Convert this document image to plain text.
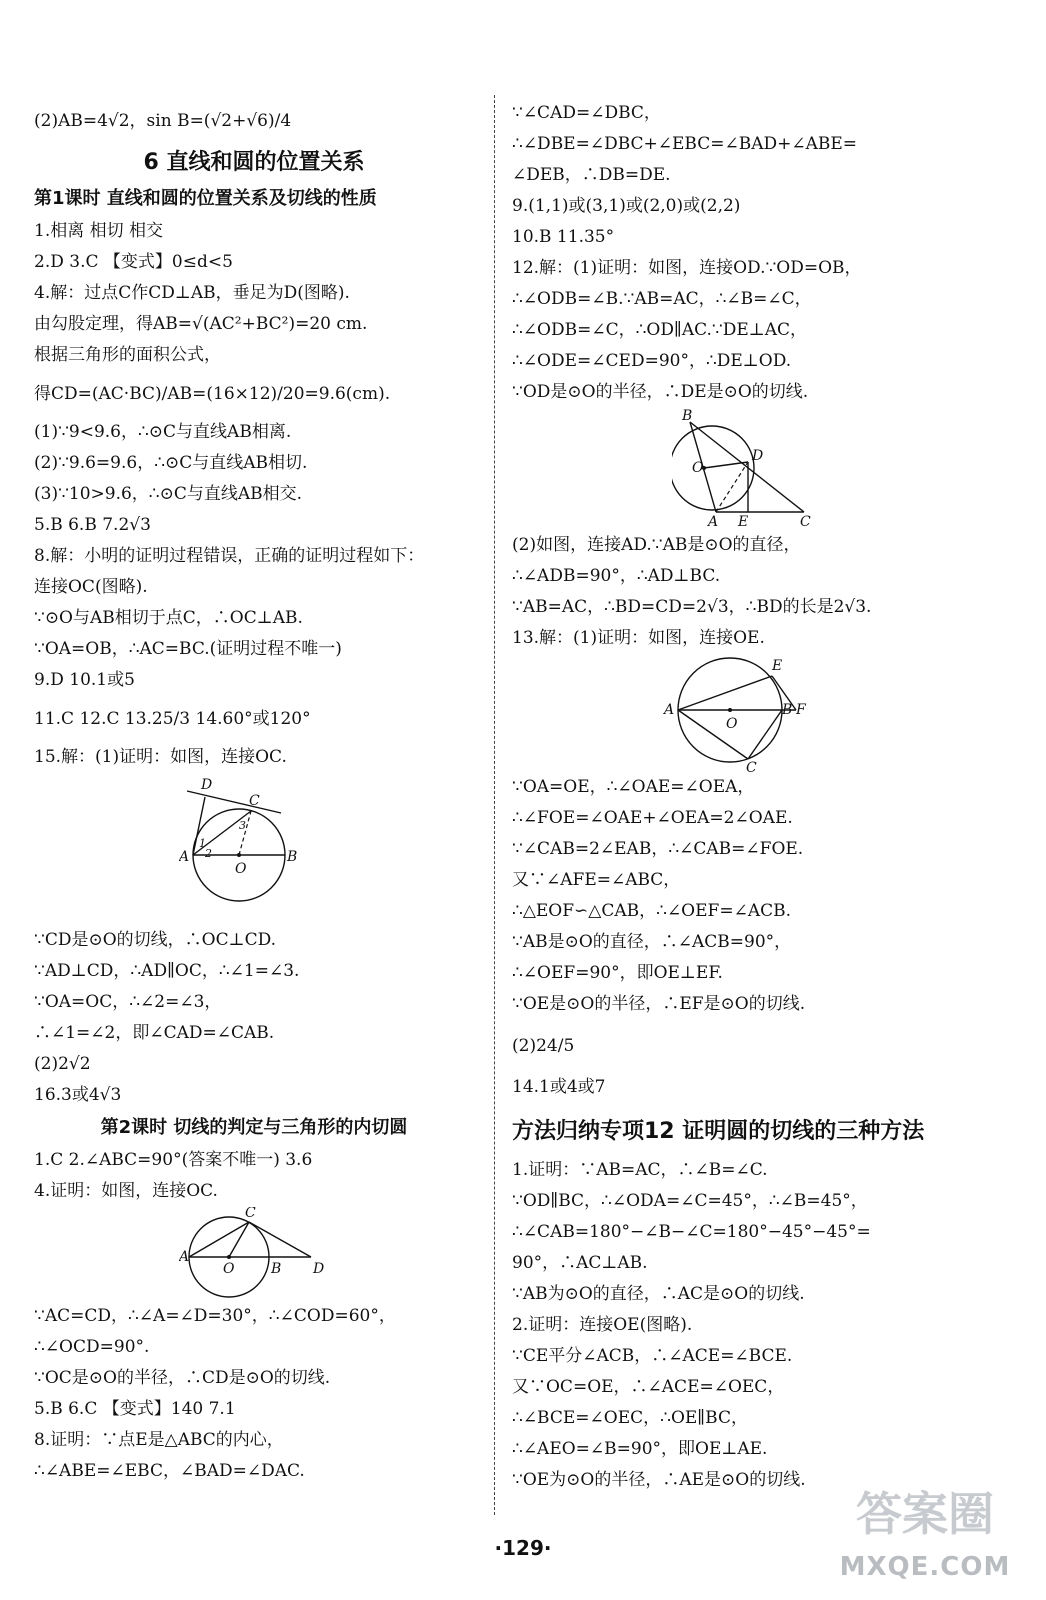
(2)AB=4√2，sin B=(√2+√6)/4
6 直线和圆的位置关系
第1课时 直线和圆的位置关系及切线的性质
1.相离 相切 相交
2.D 3.C 【变式】0≤d<5
4.解：过点C作CD⊥AB，垂足为D(图略).
由勾股定理，得AB=√(AC²+BC²)=20 cm.
根据三角形的面积公式，
得CD=(AC·BC)/AB=(16×12)/20=9.6(cm).
(1)∵9<9.6，∴⊙C与直线AB相离.
(2)∵9.6=9.6，∴⊙C与直线AB相切.
(3)∵10>9.6，∴⊙C与直线AB相交.
5.B 6.B 7.2√3
8.解：小明的证明过程错误，正确的证明过程如下：
连接OC(图略).
∵⊙O与AB相切于点C，∴OC⊥AB.
∵OA=OB，∴AC=BC.(证明过程不唯一)
9.D 10.1或5
11.C 12.C 13.25/3 14.60°或120°
15.解：(1)证明：如图，连接OC.
D
C
3
1
2
A	B
O
∵CD是⊙O的切线，∴OC⊥CD.
∵AD⊥CD，∴AD∥OC，∴∠1=∠3.
∵OA=OC，∴∠2=∠3，
∴∠1=∠2，即∠CAD=∠CAB.
(2)2√2
16.3或4√3
第2课时 切线的判定与三角形的内切圆
1.C 2.∠ABC=90°(答案不唯一) 3.6
4.证明：如图，连接OC.
C
A
O	B D
∵AC=CD，∴∠A=∠D=30°，∴∠COD=60°，
∴∠OCD=90°.
∵OC是⊙O的半径，∴CD是⊙O的切线.
5.B 6.C 【变式】140 7.1
8.证明：∵点E是△ABC的内心，
∴∠ABE=∠EBC，∠BAD=∠DAC.
∵∠CAD=∠DBC，
∴∠DBE=∠DBC+∠EBC=∠BAD+∠ABE=
∠DEB，∴DB=DE.
9.(1,1)或(3,1)或(2,0)或(2,2)
10.B 11.35°
12.解：(1)证明：如图，连接OD.∵OD=OB，
∴∠ODB=∠B.∵AB=AC，∴∠B=∠C，
∴∠ODB=∠C，∴OD∥AC.∵DE⊥AC，
∴∠ODE=∠CED=90°，∴DE⊥OD.
∵OD是⊙O的半径，∴DE是⊙O的切线.
B
D
O
A E	C
(2)如图，连接AD.∵AB是⊙O的直径，
∴∠ADB=90°，∴AD⊥BC.
∵AB=AC，∴BD=CD=2√3，∴BD的长是2√3.
13.解：(1)证明：如图，连接OE.
E
A
O
B F
C
∵OA=OE，∴∠OAE=∠OEA，
∴∠FOE=∠OAE+∠OEA=2∠OAE.
∵∠CAB=2∠EAB，∴∠CAB=∠FOE.
又∵∠AFE=∠ABC，
∴△EOF∽△CAB，∴∠OEF=∠ACB.
∵AB是⊙O的直径，∴∠ACB=90°，
∴∠OEF=90°，即OE⊥EF.
∵OE是⊙O的半径，∴EF是⊙O的切线.
(2)24/5
14.1或4或7
方法归纳专项12 证明圆的切线的三种方法
1.证明：∵AB=AC，∴∠B=∠C.
∵OD∥BC，∴∠ODA=∠C=45°，∴∠B=45°，
∴∠CAB=180°−∠B−∠C=180°−45°−45°=
90°，∴AC⊥AB.
∵AB为⊙O的直径，∴AC是⊙O的切线.
2.证明：连接OE(图略).
∵CE平分∠ACB，∴∠ACE=∠BCE.
又∵OC=OE，∴∠ACE=∠OEC，
∴∠BCE=∠OEC，∴OE∥BC，
∴∠AEO=∠B=90°，即OE⊥AE.
∵OE为⊙O的半径，∴AE是⊙O的切线.
·129·
答案圈
MXQE.COM
